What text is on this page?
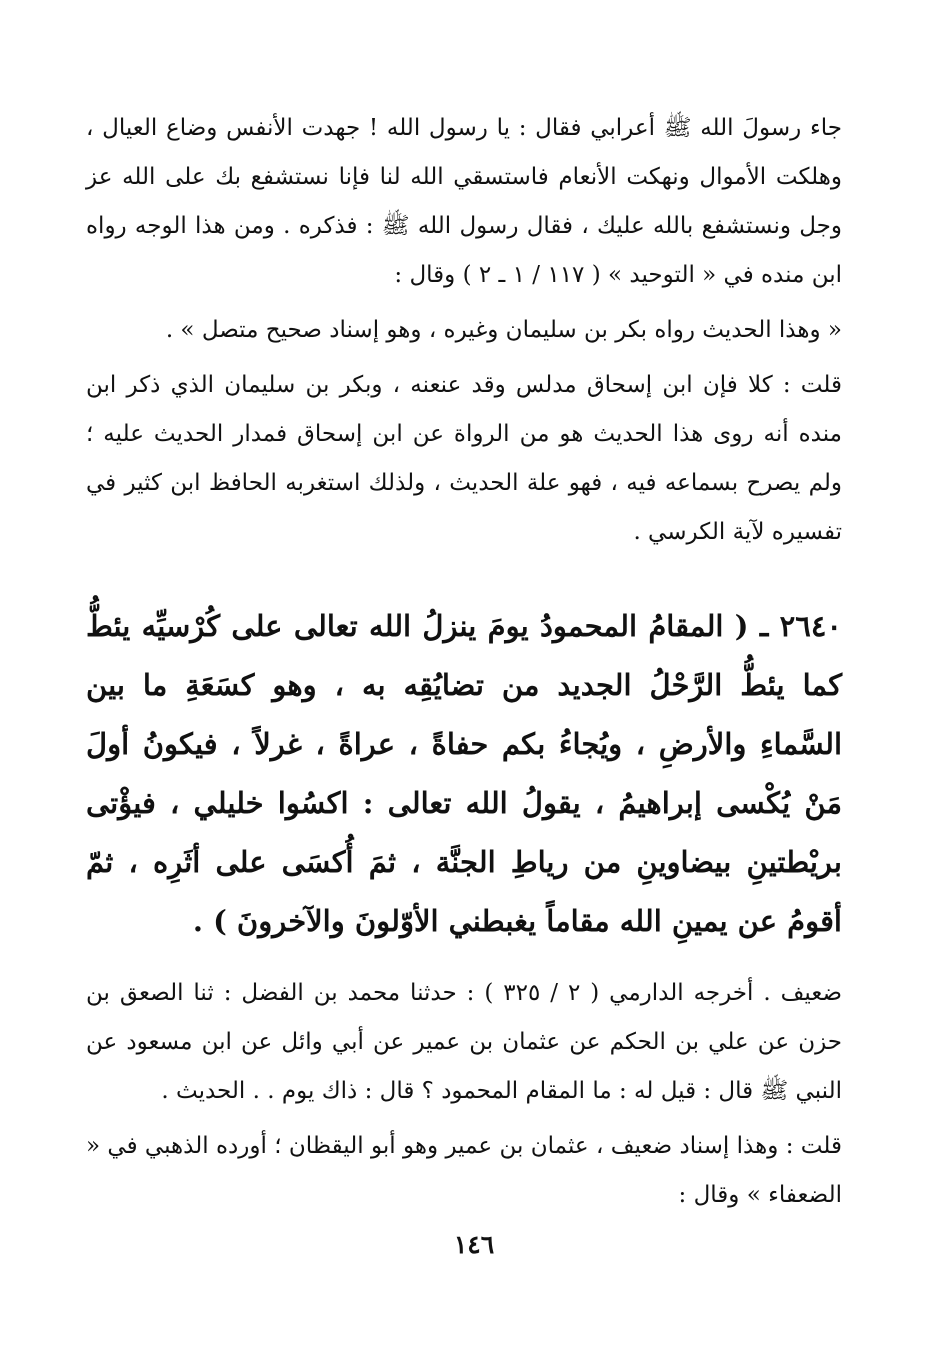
جاء رسولَ الله ﷺ أعرابي فقال : يا رسول الله ! جهدت الأنفس وضاع العيال ، وهلكت الأموال ونهكت الأنعام فاستسقي الله لنا فإنا نستشفع بك على الله عز وجل ونستشفع بالله عليك ، فقال رسول الله ﷺ : فذكره . ومن هذا الوجه رواه ابن منده في « التوحيد » ( ١١٧ / ١ ـ ٢ ) وقال :

« وهذا الحديث رواه بكر بن سليمان وغيره ، وهو إسناد صحيح متصل » .

قلت : كلا فإن ابن إسحاق مدلس وقد عنعنه ، وبكر بن سليمان الذي ذكر ابن منده أنه روى هذا الحديث هو من الرواة عن ابن إسحاق فمدار الحديث عليه ؛ ولم يصرح بسماعه فيه ، فهو علة الحديث ، ولذلك استغربه الحافظ ابن كثير في تفسيره لآية الكرسي .

٢٦٤٠ ـ ( المقامُ المحمودُ يومَ ينزلُ الله تعالى على كُرْسيِّه يئطُّ كما يئطُّ الرَّحْلُ الجديد من تضايُقِه به ، وهو كسَعَةِ ما بين السَّماءِ والأرضِ ، ويُجاءُ بكم حفاةً ، عراةً ، غرلاً ، فيكونُ أولَ مَنْ يُكْسى إبراهيمُ ، يقولُ الله تعالى : اكسُوا خليلي ، فيؤْتى بريْطتينِ بيضاوينِ من رياطِ الجنَّة ، ثمَ أُكسَى على أثَرِه ، ثمّ أقومُ عن يمينِ الله مقاماً يغبطني الأوّلونَ والآخرونَ ) .

ضعيف . أخرجه الدارمي ( ٢ / ٣٢٥ ) : حدثنا محمد بن الفضل : ثنا الصعق بن حزن عن علي بن الحكم عن عثمان بن عمير عن أبي وائل عن ابن مسعود عن النبي ﷺ قال : قيل له : ما المقام المحمود ؟ قال : ذاك يوم . . الحديث .

قلت : وهذا إسناد ضعيف ، عثمان بن عمير وهو أبو اليقظان ؛ أورده الذهبي في « الضعفاء » وقال :

١٤٦
